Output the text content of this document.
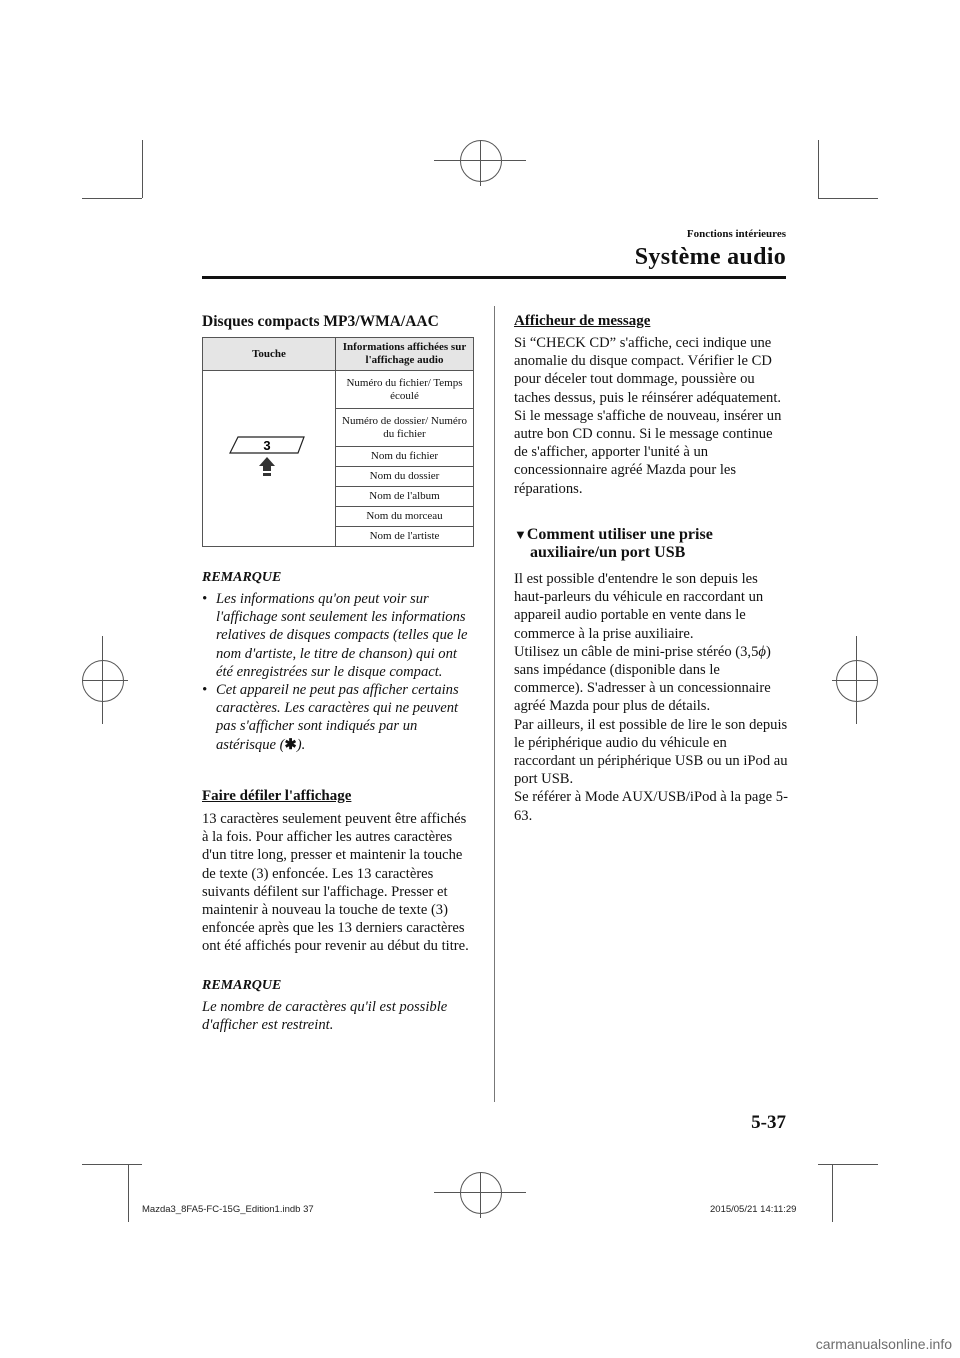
Fonctions intérieures
Système audio
Disques compacts MP3/WMA/AAC
Touche	Informations affichées sur l'affichage audio

3	Numéro du fichier/ Temps écoulé
	Numéro de dossier/ Numéro du fichier
	Nom du fichier
	Nom du dossier
	Nom de l'album
	Nom du morceau
	Nom de l'artiste
REMARQUE
• Les informations qu'on peut voir sur l'affichage sont seulement les informations relatives de disques compacts (telles que le nom d'artiste, le titre de chanson) qui ont été enregistrées sur le disque compact.
• Cet appareil ne peut pas afficher certains caractères. Les caractères qui ne peuvent pas s'afficher sont indiqués par un astérisque (✱).
Faire défiler l'affichage
13 caractères seulement peuvent être affichés à la fois. Pour afficher les autres caractères d'un titre long, presser et maintenir la touche de texte (3) enfoncée. Les 13 caractères suivants défilent sur l'affichage. Presser et maintenir à nouveau la touche de texte (3) enfoncée après que les 13 derniers caractères ont été affichés pour revenir au début du titre.
REMARQUE
Le nombre de caractères qu'il est possible d'afficher est restreint.
Afficheur de message
Si “CHECK CD” s'affiche, ceci indique une anomalie du disque compact. Vérifier le CD pour déceler tout dommage, poussière ou taches dessus, puis le réinsérer adéquatement. Si le message s'affiche de nouveau, insérer un autre bon CD connu. Si le message continue de s'afficher, apporter l'unité à un concessionnaire agréé Mazda pour les réparations.
▼Comment utiliser une prise
auxiliaire/un port USB
Il est possible d'entendre le son depuis les haut-parleurs du véhicule en raccordant un appareil audio portable en vente dans le commerce à la prise auxiliaire.
Utilisez un câble de mini-prise stéréo (3,5ϕ) sans impédance (disponible dans le commerce). S'adresser à un concessionnaire agréé Mazda pour plus de détails.
Par ailleurs, il est possible de lire le son depuis le périphérique audio du véhicule en raccordant un périphérique USB ou un iPod au port USB.
Se référer à Mode AUX/USB/iPod à la page 5-63.
5-37
Mazda3_8FA5-FC-15G_Edition1.indb 37	2015/05/21 14:11:29
carmanualsonline.info
